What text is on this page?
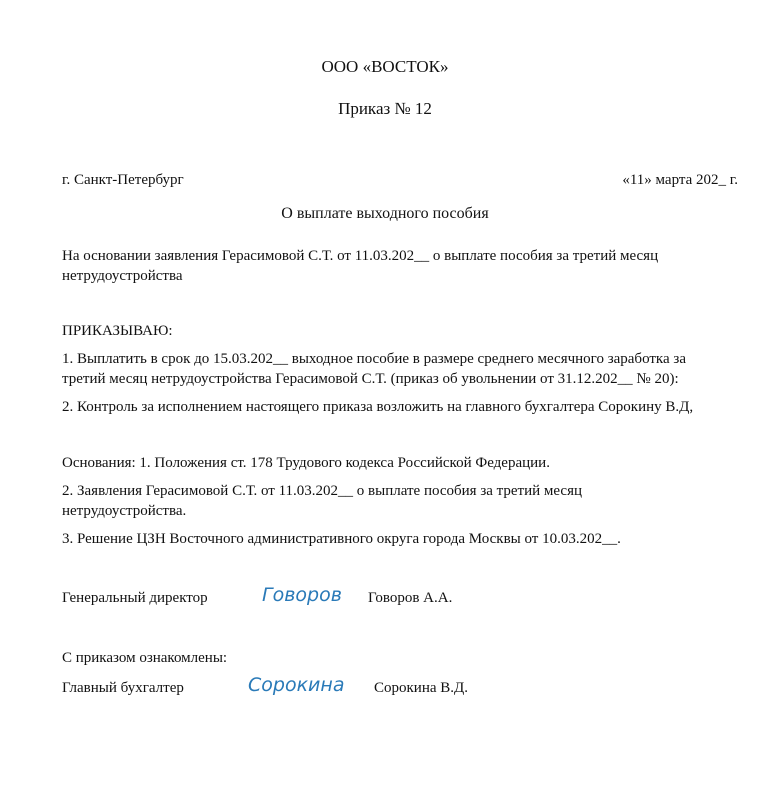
ООО «ВОСТОК»
Приказ № 12
г. Санкт-Петербург	«11» марта 202_ г.
О выплате выходного пособия
На основании заявления Герасимовой С.Т. от 11.03.202__ о выплате пособия за третий месяц
нетрудоустройства
ПРИКАЗЫВАЮ:
1. Выплатить в срок до 15.03.202__ выходное пособие в размере среднего месячного заработка за
третий месяц нетрудоустройства Герасимовой С.Т. (приказ об увольнении от 31.12.202__ № 20):
2. Контроль за исполнением настоящего приказа возложить на главного бухгалтера Сорокину В.Д,
Основания: 1. Положения ст. 178 Трудового кодекса Российской Федерации.
2. Заявления Герасимовой С.Т. от 11.03.202__ о выплате пособия за третий месяц
нетрудоустройства.
3. Решение ЦЗН Восточного административного округа города Москвы от 10.03.202__.
Генеральный директор	Говоров Говоров А.А.
С приказом ознакомлены:
Главный бухгалтер	Сорокина Сорокина В.Д.
